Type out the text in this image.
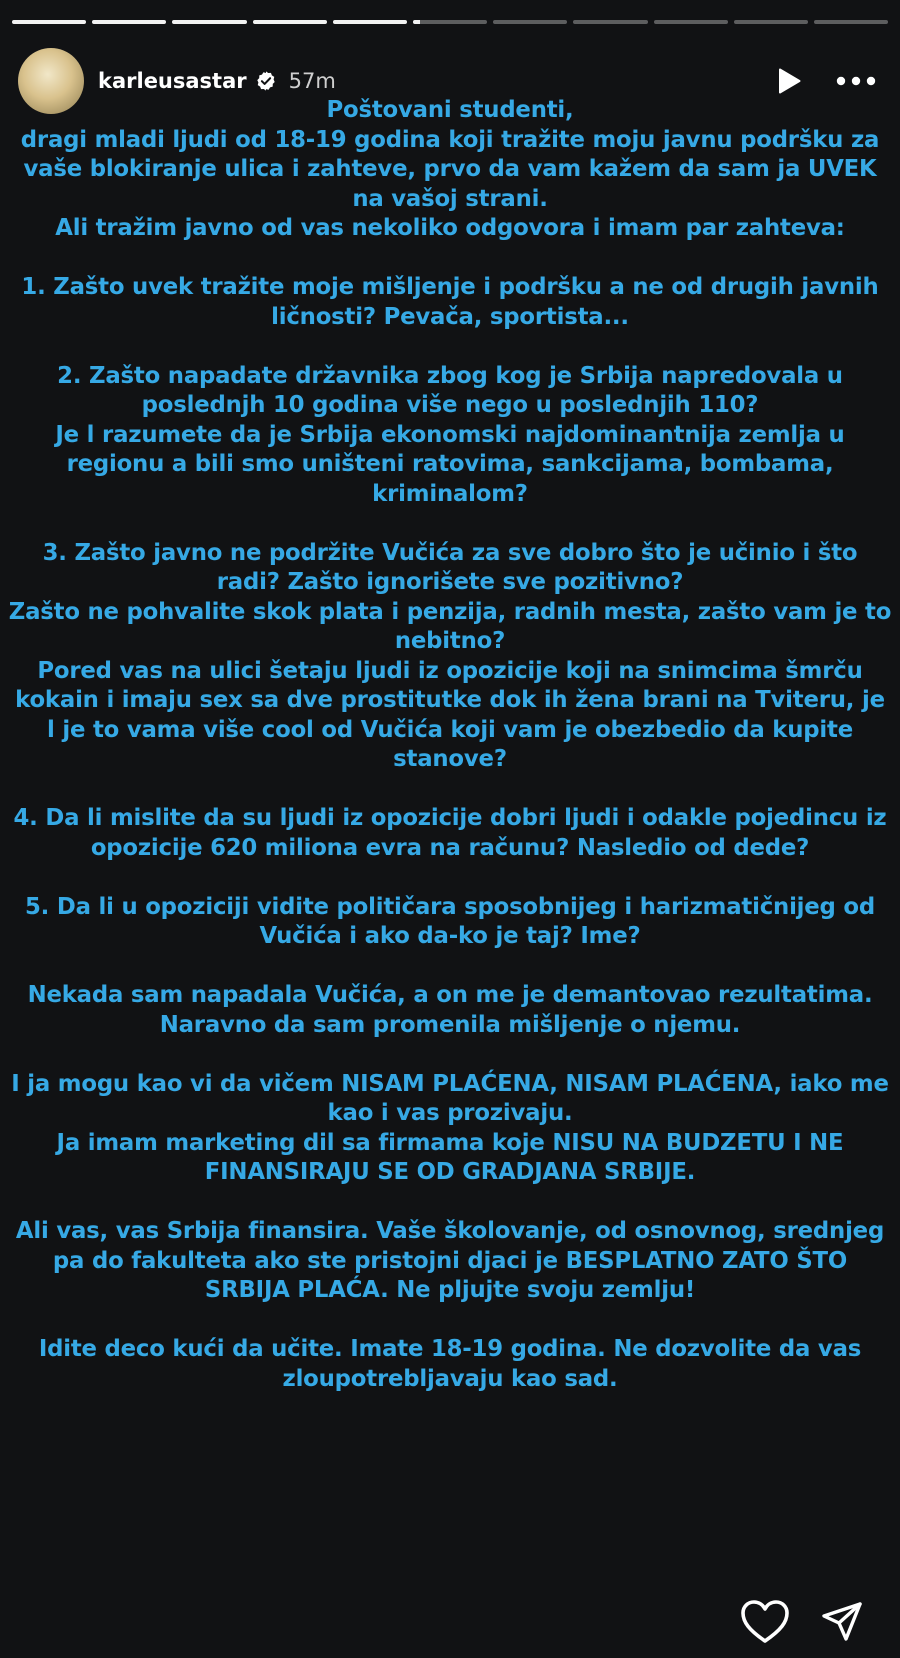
karleusastar 57m

Poštovani studenti,
dragi mladi ljudi od 18-19 godina koji tražite moju javnu podršku za vaše blokiranje ulica i zahteve, prvo da vam kažem da sam ja UVEK na vašoj strani.
Ali tražim javno od vas nekoliko odgovora i imam par zahteva:

1. Zašto uvek tražite moje mišljenje i podršku a ne od drugih javnih ličnosti? Pevača, sportista...

2. Zašto napadate državnika zbog kog je Srbija napredovala u poslednjh 10 godina više nego u poslednjih 110?
Je l razumete da je Srbija ekonomski najdominantnija zemlja u regionu a bili smo uništeni ratovima, sankcijama, bombama, kriminalom?

3. Zašto javno ne podržite Vučića za sve dobro što je učinio i što radi? Zašto ignorišete sve pozitivno?
Zašto ne pohvalite skok plata i penzija, radnih mesta, zašto vam je to nebitno?
Pored vas na ulici šetaju ljudi iz opozicije koji na snimcima šmrču kokain i imaju sex sa dve prostitutke dok ih žena brani na Tviteru, je l je to vama više cool od Vučića koji vam je obezbedio da kupite stanove?

4. Da li mislite da su ljudi iz opozicije dobri ljudi i odakle pojedincu iz opozicije 620 miliona evra na računu? Nasledio od dede?

5. Da li u opoziciji vidite političara sposobnijeg i harizmatičnijeg od Vučića i ako da-ko je taj? Ime?

Nekada sam napadala Vučića, a on me je demantovao rezultatima. Naravno da sam promenila mišljenje o njemu.

I ja mogu kao vi da vičem NISAM PLAĆENA, NISAM PLAĆENA, iako me kao i vas prozivaju.
Ja imam marketing dil sa firmama koje NISU NA BUDZETU I NE FINANSIRAJU SE OD GRADJANA SRBIJE.

Ali vas, vas Srbija finansira. Vaše školovanje, od osnovnog, srednjeg pa do fakulteta ako ste pristojni djaci je BESPLATNO ZATO ŠTO SRBIJA PLAĆA. Ne pljujte svoju zemlju!

Idite deco kući da učite. Imate 18-19 godina. Ne dozvolite da vas zloupotrebljavaju kao sad.
